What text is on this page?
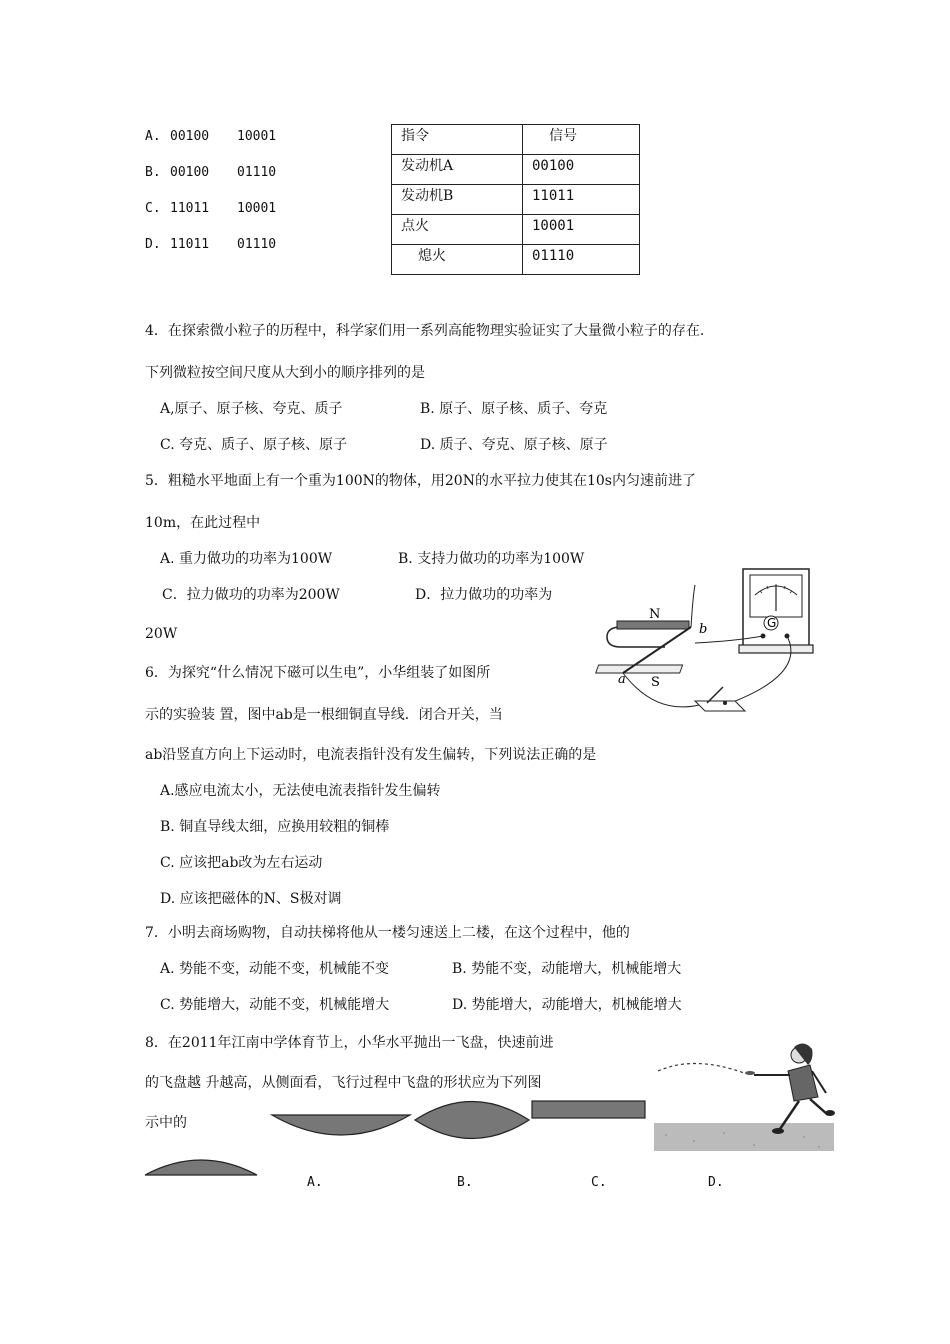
A. 00100 10001
B. 00100 01110
C. 11011 10001
D. 11011 01110
指令	信号
发动机A	00100
发动机B	11011
点火	10001
熄火	01110
4．在探索微小粒子的历程中，科学家们用一系列高能物理实验证实了大量微小粒子的存在.
下列微粒按空间尺度从大到小的顺序排列的是
A,原子、原子核、夸克、质子	B. 原子、原子核、质子、夸克
C. 夸克、质子、原子核、原子	D. 质子、夸克、原子核、原子
5．粗糙水平地面上有一个重为100N的物体，用20N的水平拉力使其在10s内匀速前进了
10m，在此过程中
A. 重力做功的功率为100W	B. 支持力做功的功率为100W
C．拉力做功的功率为200W	D．拉力做功的功率为
20W
6．为探究“什么情况下磁可以生电”，小华组装了如图所
示的实验装 置，图中ab是一根细铜直导线．闭合开关，当
ab沿竖直方向上下运动时，电流表指针没有发生偏转，下列说法正确的是
A.感应电流太小，无法使电流表指针发生偏转
B. 铜直导线太细，应换用较粗的铜棒
C. 应该把ab改为左右运动
D. 应该把磁体的N、S极对调
G
N
S
a
b
7．小明去商场购物，自动扶梯将他从一楼匀速送上二楼，在这个过程中，他的
A. 势能不变，动能不变，机械能不变	B. 势能不变，动能增大，机械能增大
C. 势能增大，动能不变，机械能增大	D. 势能增大，动能增大，机械能增大
8．在2011年江南中学体育节上，小华水平抛出一飞盘，快速前进
的飞盘越 升越高，从侧面看，飞行过程中飞盘的形状应为下列图
示中的
A.	B.	C.	D.
